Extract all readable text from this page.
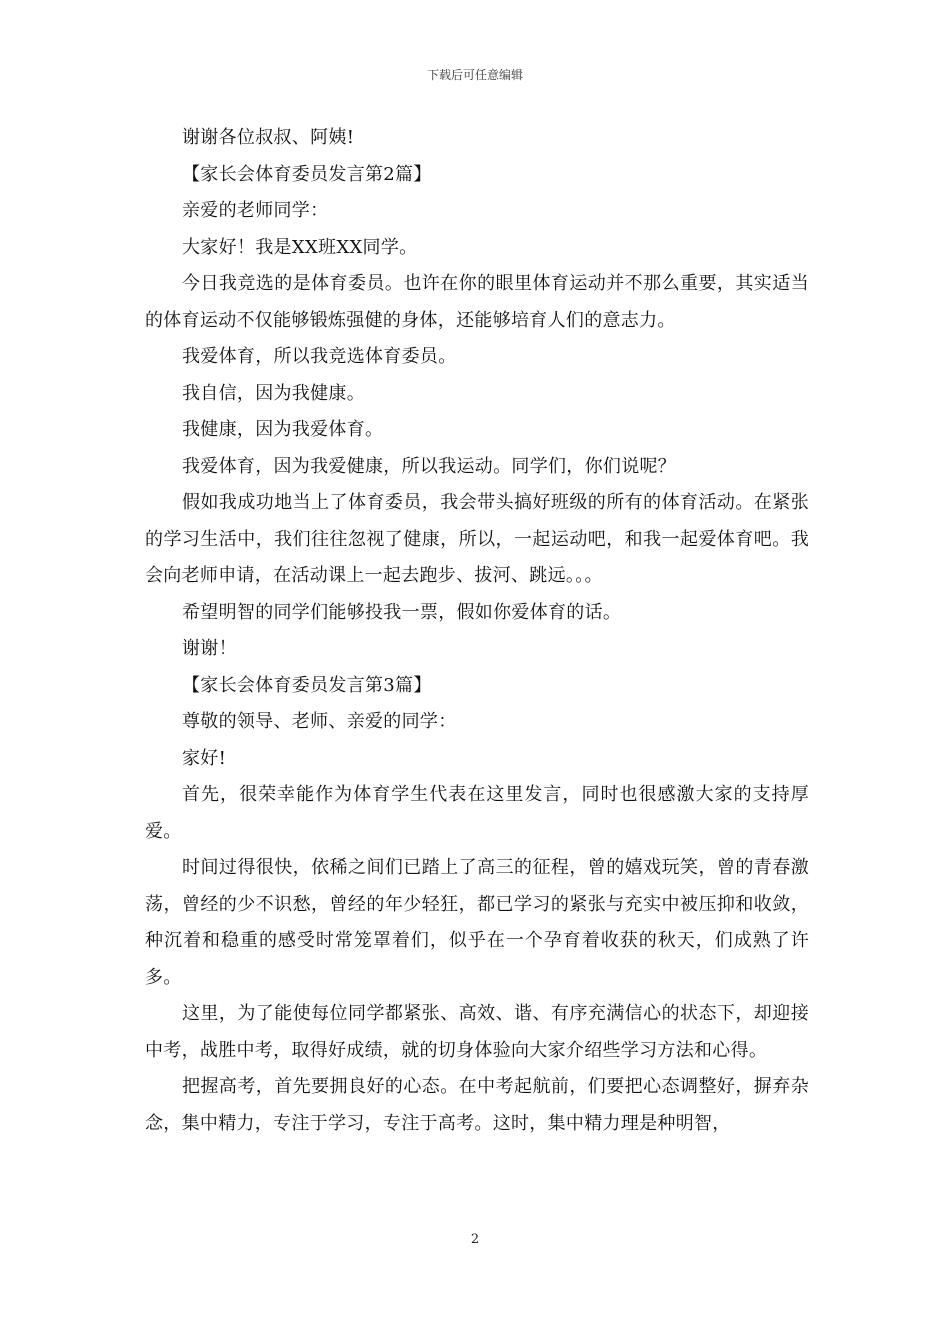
下载后可任意编辑

谢谢各位叔叔、阿姨!

【家长会体育委员发言第2篇】

亲爱的老师同学：

大家好！我是XX班XX同学。

今日我竞选的是体育委员。也许在你的眼里体育运动并不那么重要，其实适当的体育运动不仅能够锻炼强健的身体，还能够培育人们的意志力。

我爱体育，所以我竞选体育委员。

我自信，因为我健康。

我健康，因为我爱体育。

我爱体育，因为我爱健康，所以我运动。同学们，你们说呢？

假如我成功地当上了体育委员，我会带头搞好班级的所有的体育活动。在紧张的学习生活中，我们往往忽视了健康，所以，一起运动吧，和我一起爱体育吧。我会向老师申请，在活动课上一起去跑步、拔河、跳远。。。

希望明智的同学们能够投我一票，假如你爱体育的话。

谢谢！

【家长会体育委员发言第3篇】

尊敬的领导、老师、亲爱的同学：

家好!

首先，很荣幸能作为体育学生代表在这里发言，同时也很感激大家的支持厚爱。

时间过得很快，依稀之间们已踏上了高三的征程，曾的嬉戏玩笑，曾的青春激荡，曾经的少不识愁，曾经的年少轻狂，都已学习的紧张与充实中被压抑和收敛，种沉着和稳重的感受时常笼罩着们，似乎在一个孕育着收获的秋天，们成熟了许多。

这里，为了能使每位同学都紧张、高效、谐、有序充满信心的状态下，却迎接中考，战胜中考，取得好成绩，就的切身体验向大家介绍些学习方法和心得。

把握高考，首先要拥良好的心态。在中考起航前，们要把心态调整好，摒弃杂念，集中精力，专注于学习，专注于高考。这时，集中精力理是种明智，

2
